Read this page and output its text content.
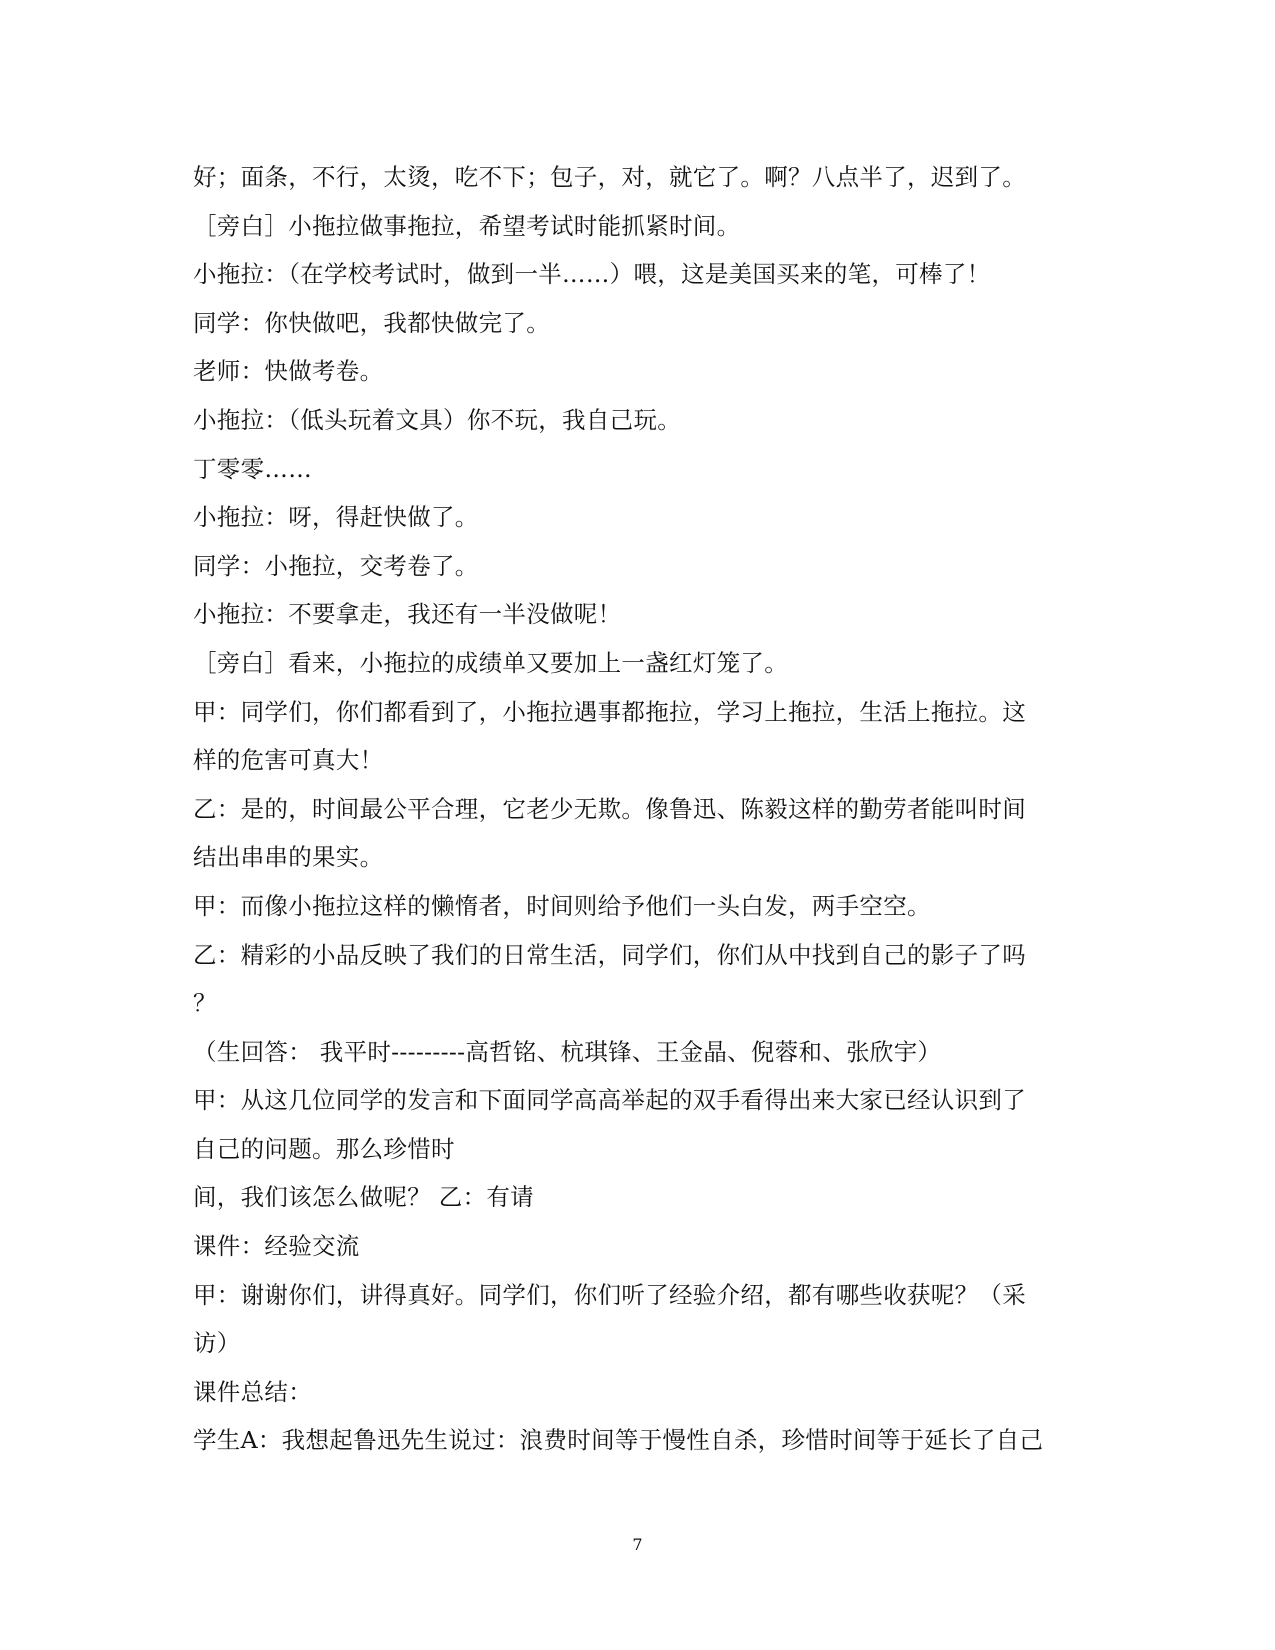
好；面条，不行，太烫，吃不下；包子，对，就它了。啊？八点半了，迟到了。
［旁白］小拖拉做事拖拉，希望考试时能抓紧时间。
小拖拉：（在学校考试时，做到一半……）喂，这是美国买来的笔，可棒了！
同学：你快做吧，我都快做完了。
老师：快做考卷。
小拖拉：（低头玩着文具）你不玩，我自己玩。
丁零零……
小拖拉：呀，得赶快做了。
同学：小拖拉，交考卷了。
小拖拉：不要拿走，我还有一半没做呢！
［旁白］看来，小拖拉的成绩单又要加上一盏红灯笼了。
甲：同学们，你们都看到了，小拖拉遇事都拖拉，学习上拖拉，生活上拖拉。这
样的危害可真大！
乙：是的，时间最公平合理，它老少无欺。像鲁迅、陈毅这样的勤劳者能叫时间
结出串串的果实。
甲：而像小拖拉这样的懒惰者，时间则给予他们一头白发，两手空空。
乙：精彩的小品反映了我们的日常生活，同学们，你们从中找到自己的影子了吗
？
（生回答： 我平时---------高哲铭、杭琪锋、王金晶、倪蓉和、张欣宇）
甲：从这几位同学的发言和下面同学高高举起的双手看得出来大家已经认识到了
自己的问题。那么珍惜时
间，我们该怎么做呢？ 乙：有请
课件：经验交流
甲：谢谢你们，讲得真好。同学们，你们听了经验介绍，都有哪些收获呢？（采
访）
课件总结：
学生A：我想起鲁迅先生说过：浪费时间等于慢性自杀，珍惜时间等于延长了自己
7
